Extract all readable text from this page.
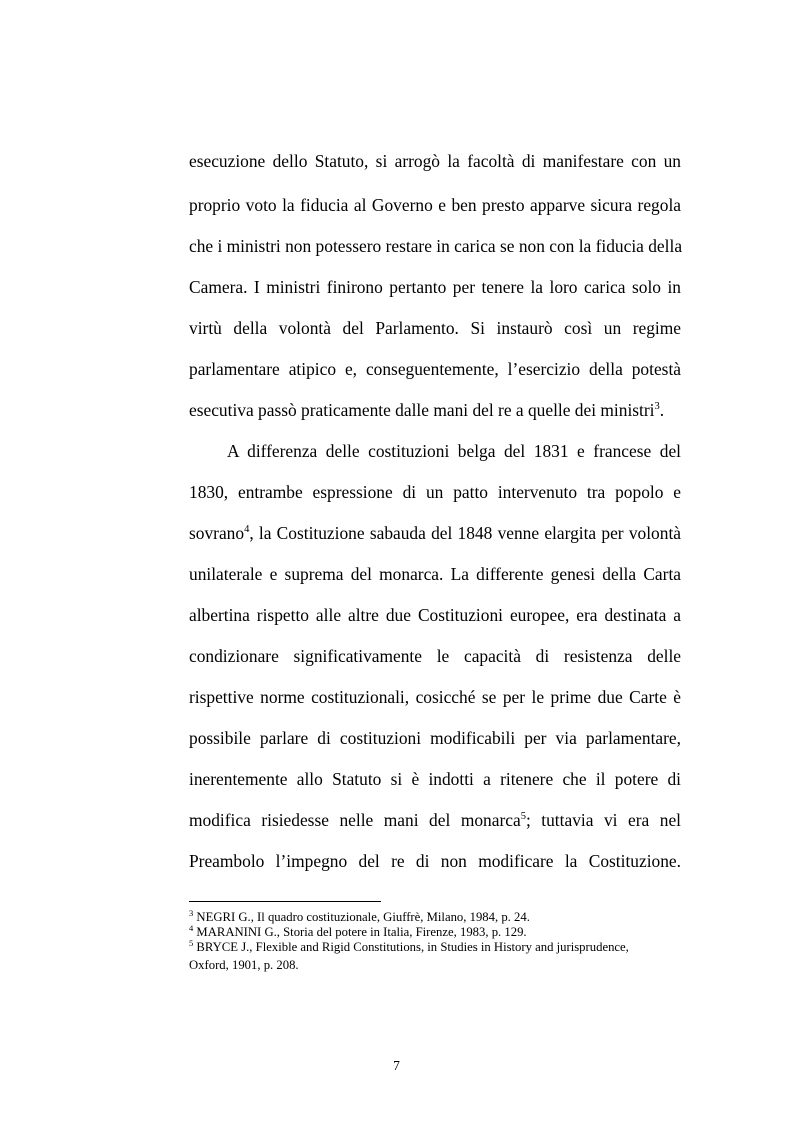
esecuzione dello Statuto, si arrogò la facoltà di manifestare con un
proprio voto la fiducia al Governo e ben presto apparve sicura regola
che i ministri non potessero restare in carica se non con la fiducia della
Camera. I ministri finirono pertanto per tenere la loro carica solo in
virtù della volontà del Parlamento. Si instaurò così un regime
parlamentare atipico e, conseguentemente, l’esercizio della potestà
esecutiva passò praticamente dalle mani del re a quelle dei ministri$^3$.
A differenza delle costituzioni belga del 1831 e francese del
1830, entrambe espressione di un patto intervenuto tra popolo e
sovrano$^4$, la Costituzione sabauda del 1848 venne elargita per volontà
unilaterale e suprema del monarca. La differente genesi della Carta
albertina rispetto alle altre due Costituzioni europee, era destinata a
condizionare significativamente le capacità di resistenza delle
rispettive norme costituzionali, cosicché se per le prime due Carte è
possibile parlare di costituzioni modificabili per via parlamentare,
inerentemente allo Statuto si è indotti a ritenere che il potere di
modifica risiedesse nelle mani del monarca$^5$; tuttavia vi era nel
Preambolo l’impegno del re di non modificare la Costituzione.
$^3$ NEGRI G., Il quadro costituzionale, Giuffrè, Milano, 1984, p. 24.
$^4$ MARANINI G., Storia del potere in Italia, Firenze, 1983, p. 129.
$^5$ BRYCE J., Flexible and Rigid Constitutions, in Studies in History and jurisprudence,
Oxford, 1901, p. 208.
7
